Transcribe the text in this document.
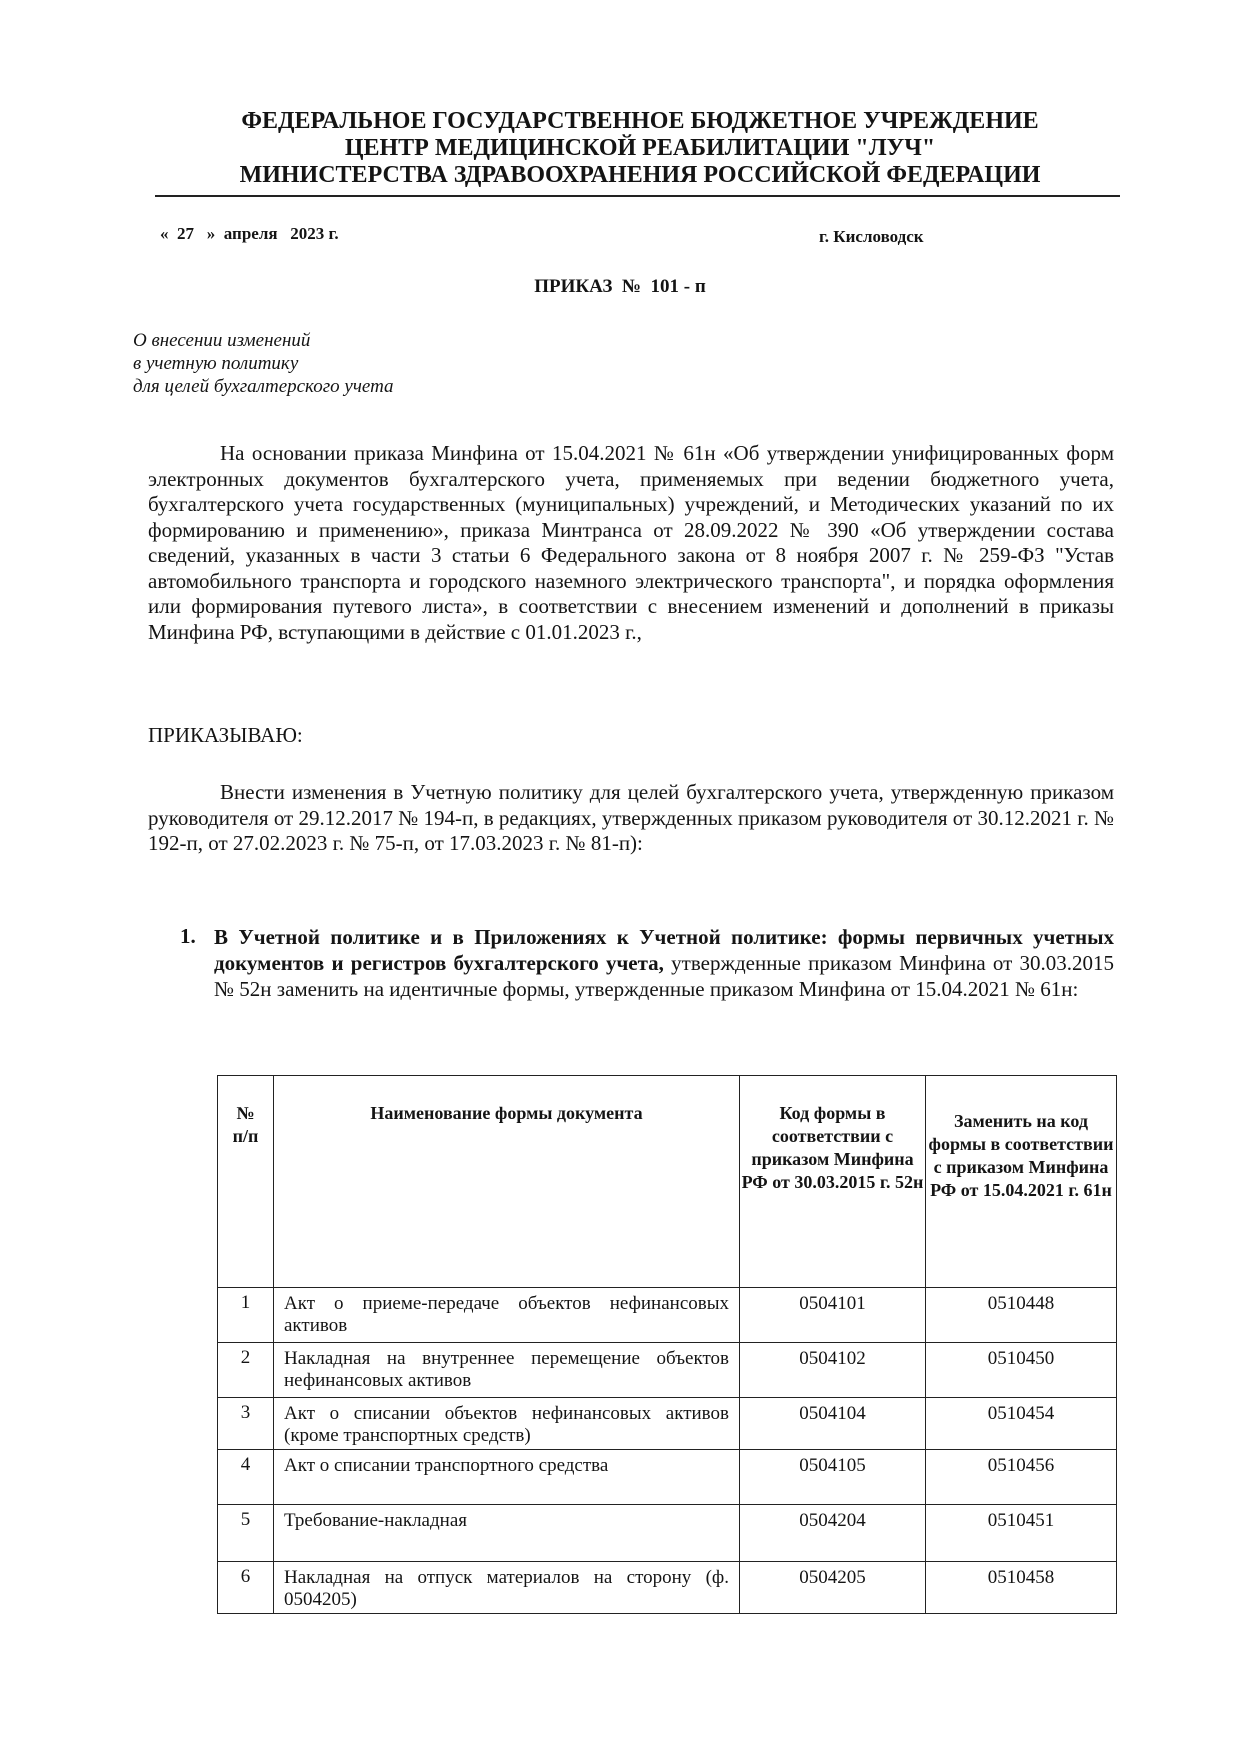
ФЕДЕРАЛЬНОЕ ГОСУДАРСТВЕННОЕ БЮДЖЕТНОЕ УЧРЕЖДЕНИЕ
ЦЕНТР МЕДИЦИНСКОЙ РЕАБИЛИТАЦИИ "ЛУЧ"
МИНИСТЕРСТВА ЗДРАВООХРАНЕНИЯ РОССИЙСКОЙ ФЕДЕРАЦИИ
«  27   »  апреля   2023 г.	г. Кисловодск
ПРИКАЗ  №  101 - п
О внесении изменений
в учетную политику
для целей бухгалтерского учета
На основании приказа Минфина от 15.04.2021 № 61н «Об утверждении унифицированных форм электронных документов бухгалтерского учета, применяемых при ведении бюджетного учета, бухгалтерского учета государственных (муниципальных) учреждений, и Методических указаний по их формированию и применению», приказа Минтранса от 28.09.2022 № 390 «Об утверждении состава сведений, указанных в части 3 статьи 6 Федерального закона от 8 ноября 2007 г. № 259-ФЗ "Устав автомобильного транспорта и городского наземного электрического транспорта", и порядка оформления или формирования путевого листа», в соответствии с внесением изменений и дополнений в приказы Минфина РФ, вступающими в действие с 01.01.2023 г.,
ПРИКАЗЫВАЮ:
Внести изменения в Учетную политику для целей бухгалтерского учета, утвержденную приказом руководителя от 29.12.2017 № 194-п, в редакциях, утвержденных приказом руководителя от 30.12.2021 г. № 192-п, от 27.02.2023 г. № 75-п, от 17.03.2023 г. № 81-п):
1. В Учетной политике и в Приложениях к Учетной политике: формы первичных учетных документов и регистров бухгалтерского учета, утвержденные приказом Минфина от 30.03.2015 № 52н заменить на идентичные формы, утвержденные приказом Минфина от 15.04.2021 № 61н:
№
п/п	Наименование формы документа	Код формы в соответствии с приказом Минфина РФ от 30.03.2015 г. 52н	Заменить на код формы в соответствии с приказом Минфина РФ от 15.04.2021 г. 61н
1	Акт о приеме-передаче объектов нефинансовых активов	0504101	0510448
2	Накладная на внутреннее перемещение объектов нефинансовых активов	0504102	0510450
3	Акт о списании объектов нефинансовых активов (кроме транспортных средств)	0504104	0510454
4	Акт о списании транспортного средства	0504105	0510456
5	Требование-накладная	0504204	0510451
6	Накладная на отпуск материалов на сторону (ф. 0504205)	0504205	0510458
